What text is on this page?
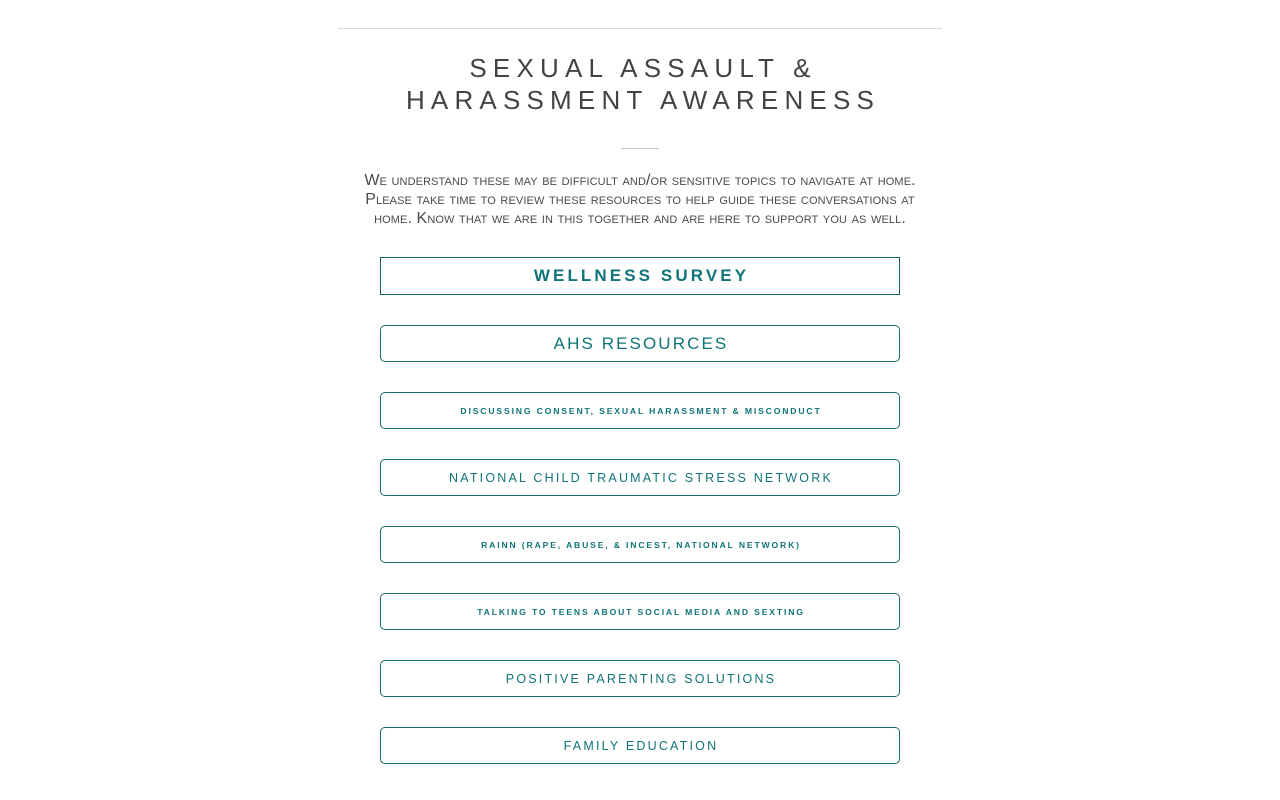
SEXUAL ASSAULT & HARASSMENT AWARENESS

We understand these may be difficult and/or sensitive topics to navigate at home. Please take time to review these resources to help guide these conversations at home. Know that we are in this together and are here to support you as well.

WELLNESS SURVEY
AHS RESOURCES
DISCUSSING CONSENT, SEXUAL HARASSMENT & MISCONDUCT
NATIONAL CHILD TRAUMATIC STRESS NETWORK
RAINN (RAPE, ABUSE, & INCEST, NATIONAL NETWORK)
TALKING TO TEENS ABOUT SOCIAL MEDIA AND SEXTING
POSITIVE PARENTING SOLUTIONS
FAMILY EDUCATION
